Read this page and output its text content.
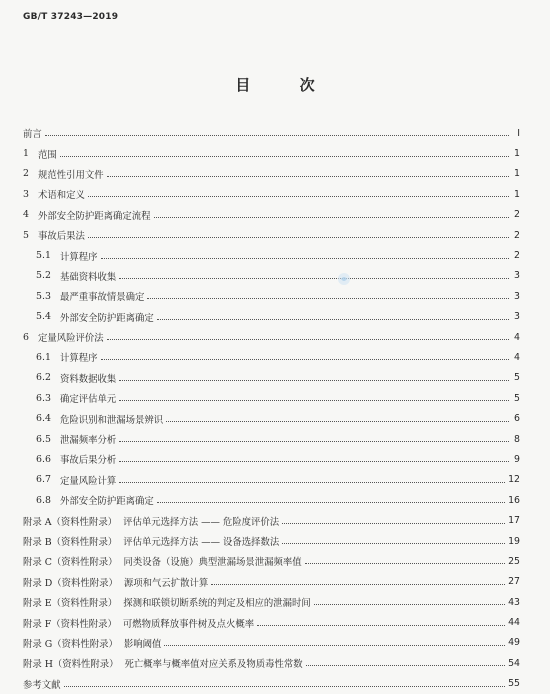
GB/T 37243—2019
目 次
前言	Ⅰ
1 范围	1
2 规范性引用文件	1
3 术语和定义	1
4 外部安全防护距离确定流程	2
5 事故后果法	2
5.1 计算程序	2
5.2 基础资料收集	3
5.3 最严重事故情景确定	3
5.4 外部安全防护距离确定	3
6 定量风险评价法	4
6.1 计算程序	4
6.2 资料数据收集	5
6.3 确定评估单元	5
6.4 危险识别和泄漏场景辨识	6
6.5 泄漏频率分析	8
6.6 事故后果分析	9
6.7 定量风险计算	12
6.8 外部安全防护距离确定	16
附录 A（资料性附录） 评估单元选择方法 —— 危险度评价法	17
附录 B（资料性附录） 评估单元选择方法 —— 设备选择数法	19
附录 C（资料性附录） 同类设备（设施）典型泄漏场景泄漏频率值	25
附录 D（资料性附录） 源项和气云扩散计算	27
附录 E（资料性附录） 探测和联锁切断系统的判定及相应的泄漏时间	43
附录 F（资料性附录） 可燃物质释放事件树及点火概率	44
附录 G（资料性附录） 影响阈值	49
附录 H（资料性附录） 死亡概率与概率值对应关系及物质毒性常数	54
参考文献	55
